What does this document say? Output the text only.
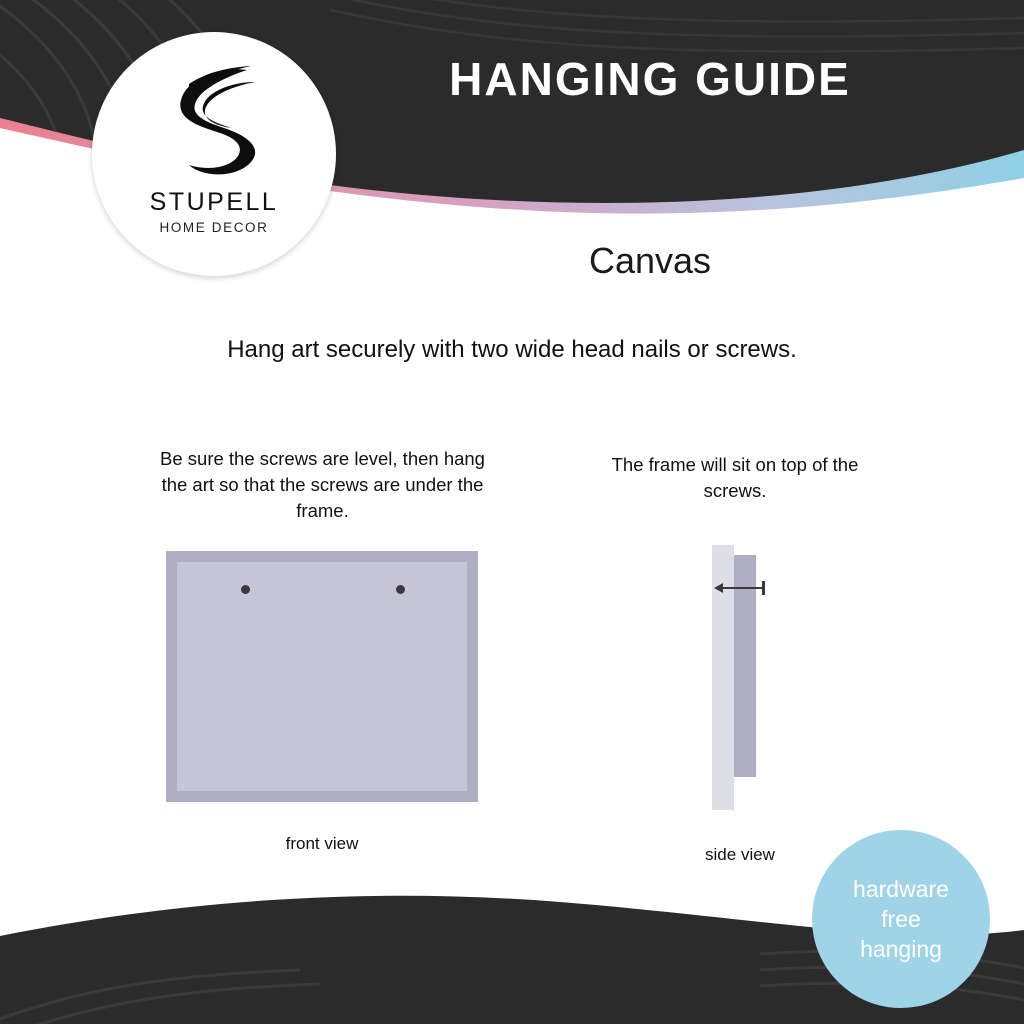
STUPELL
HOME DECOR
HANGING GUIDE
Canvas
Hang art securely with two wide head nails or screws.
Be sure the screws are level, then hang the art so that the screws are under the frame.
The frame will sit on top of the screws.
front view
side view
hardware
free
hanging
